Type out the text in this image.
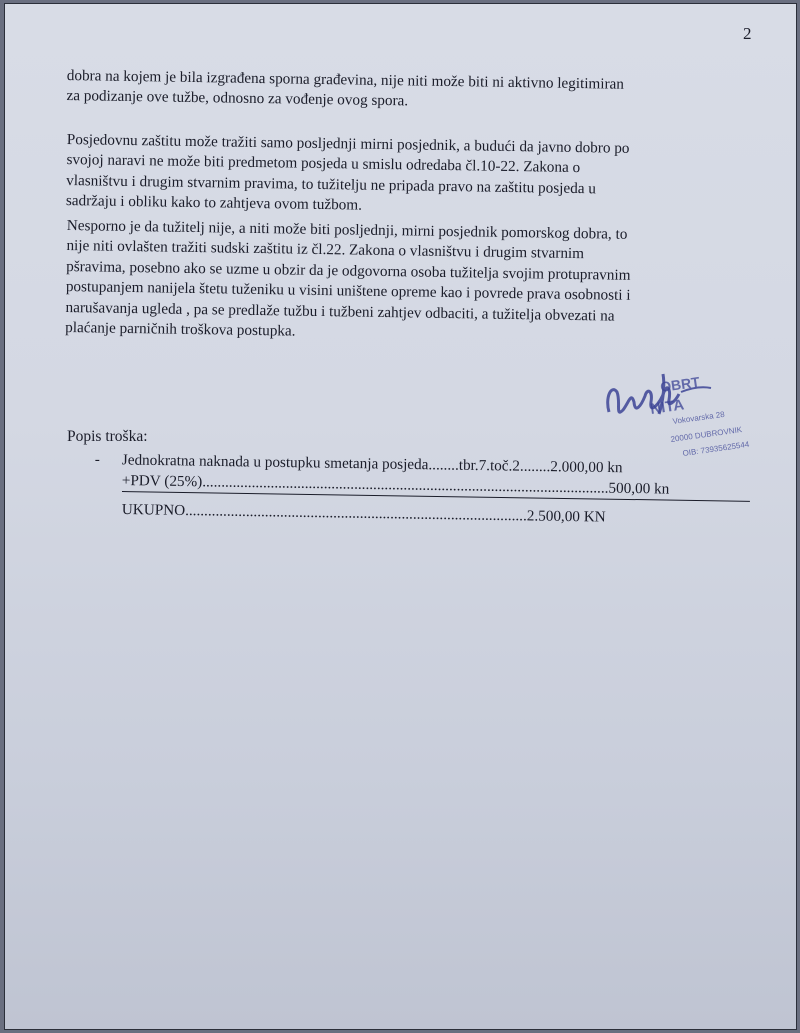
2
dobra na kojem je bila izgrađena sporna građevina, nije niti može biti ni aktivno legitimiran
za podizanje ove tužbe, odnosno za vođenje ovog spora.
Posjedovnu zaštitu može tražiti samo posljednji mirni posjednik, a budući da javno dobro po
svojoj naravi ne može biti predmetom posjeda u smislu odredaba čl.10-22. Zakona o
vlasništvu i drugim stvarnim pravima, to tužitelju ne pripada pravo na zaštitu posjeda u
sadržaju i obliku kako to zahtjeva ovom tužbom.
Nesporno je da tužitelj nije, a niti može biti posljednji, mirni posjednik pomorskog dobra, to
nije niti ovlašten tražiti sudski zaštitu iz čl.22. Zakona o vlasništvu i drugim stvarnim
pšravima, posebno ako se uzme u obzir da je odgovorna osoba tužitelja svojim protupravnim
postupanjem nanijela štetu tuženiku u visini uništene opreme kao i povrede prava osobnosti i
narušavanja ugleda , pa se predlaže tužbu i tužbeni zahtjev odbaciti, a tužitelja obvezati na
plaćanje parničnih troškova postupka.
OBRT
NITA
Vokovarska 28
20000 DUBROVNIK
OIB: 73935625544
Popis troška:
- Jednokratna naknada u postupku smetanja posjeda........tbr.7.toč.2........2.000,00 kn
+PDV (25%)...........................................................................................................500,00 kn
UKUPNO..........................................................................................2.500,00 KN
